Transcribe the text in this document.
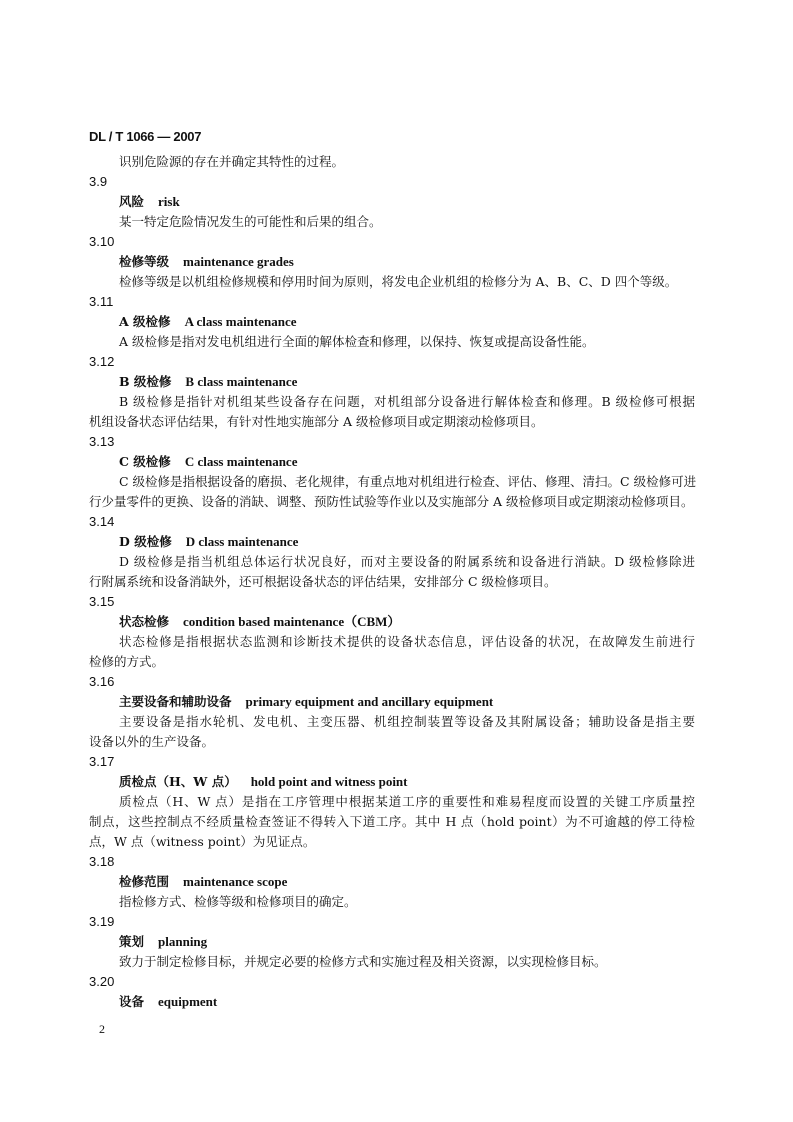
DL / T 1066 — 2007
识别危险源的存在并确定其特性的过程。
3.9
风险 risk
某一特定危险情况发生的可能性和后果的组合。
3.10
检修等级 maintenance grades
检修等级是以机组检修规模和停用时间为原则，将发电企业机组的检修分为 A、B、C、D 四个等级。
3.11
A 级检修 A class maintenance
A 级检修是指对发电机组进行全面的解体检查和修理，以保持、恢复或提高设备性能。
3.12
B 级检修 B class maintenance
B 级检修是指针对机组某些设备存在问题，对机组部分设备进行解体检查和修理。B 级检修可根据
机组设备状态评估结果，有针对性地实施部分 A 级检修项目或定期滚动检修项目。
3.13
C 级检修 C class maintenance
C 级检修是指根据设备的磨损、老化规律，有重点地对机组进行检查、评估、修理、清扫。C 级检修可进
行少量零件的更换、设备的消缺、调整、预防性试验等作业以及实施部分 A 级检修项目或定期滚动检修项目。
3.14
D 级检修 D class maintenance
D 级检修是指当机组总体运行状况良好，而对主要设备的附属系统和设备进行消缺。D 级检修除进
行附属系统和设备消缺外，还可根据设备状态的评估结果，安排部分 C 级检修项目。
3.15
状态检修 condition based maintenance（CBM）
状态检修是指根据状态监测和诊断技术提供的设备状态信息，评估设备的状况，在故障发生前进行
检修的方式。
3.16
主要设备和辅助设备 primary equipment and ancillary equipment
主要设备是指水轮机、发电机、主变压器、机组控制装置等设备及其附属设备；辅助设备是指主要
设备以外的生产设备。
3.17
质检点（H、W 点） hold point and witness point
质检点（H、W 点）是指在工序管理中根据某道工序的重要性和难易程度而设置的关键工序质量控
制点，这些控制点不经质量检查签证不得转入下道工序。其中 H 点（hold point）为不可逾越的停工待检
点，W 点（witness point）为见证点。
3.18
检修范围 maintenance scope
指检修方式、检修等级和检修项目的确定。
3.19
策划 planning
致力于制定检修目标，并规定必要的检修方式和实施过程及相关资源，以实现检修目标。
3.20
设备 equipment
2
